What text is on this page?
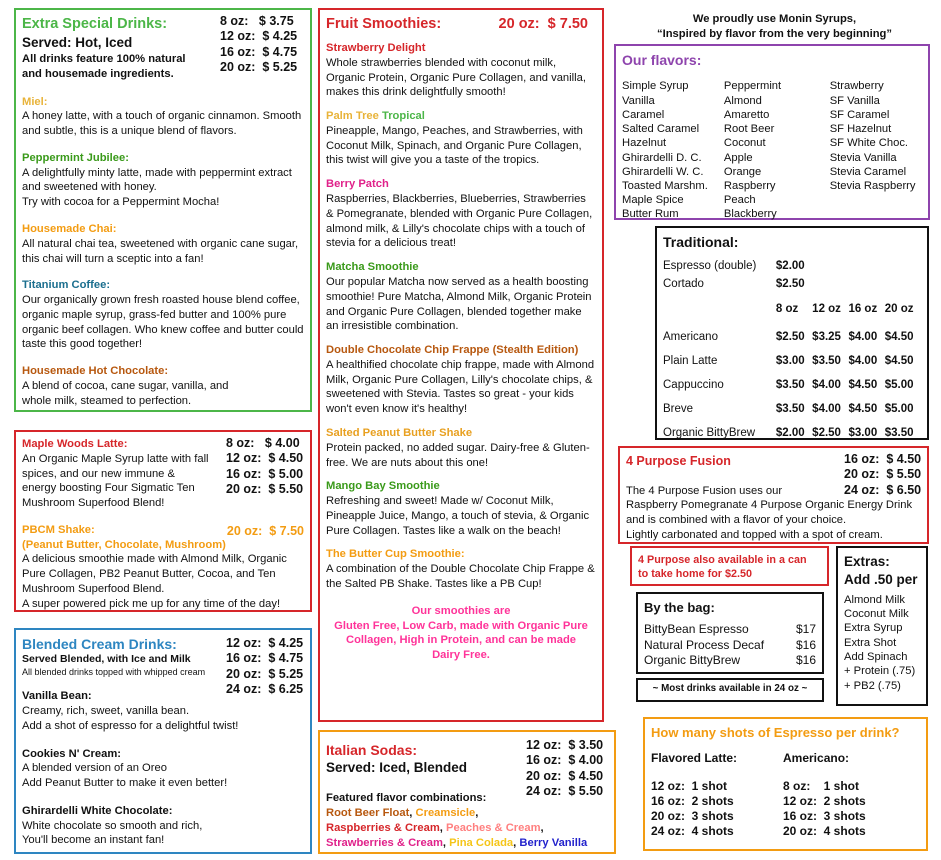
Extra Special Drinks:
Served: Hot, Iced
All drinks feature 100% natural and housemade ingredients.
8 oz:   $ 3.75
12 oz:  $ 4.25
16 oz:  $ 4.75
20 oz:  $ 5.25
Miel:
A honey latte, with a touch of organic cinnamon. Smooth and subtle, this is a unique blend of flavors.
Peppermint Jubilee:
A delightfully minty latte, made with peppermint extract and sweetened with honey.
Try with cocoa for a Peppermint Mocha!
Housemade Chai:
All natural chai tea, sweetened with organic cane sugar, this chai will turn a sceptic into a fan!
Titanium Coffee:
Our organically grown fresh roasted house blend coffee, organic maple syrup, grass-fed butter and 100% pure organic beef collagen. Who knew coffee and butter could taste this good together!
Housemade Hot Chocolate:
A blend of cocoa, cane sugar, vanilla, and
whole milk, steamed to perfection.
Maple Woods Latte:
An Organic Maple Syrup latte with fall spices, and our new immune & energy boosting Four Sigmatic Ten Mushroom Superfood Blend!
8 oz:   $ 4.00
12 oz:  $ 4.50
16 oz:  $ 5.00
20 oz:  $ 5.50
PBCM Shake:	20 oz:  $ 7.50
(Peanut Butter, Chocolate, Mushroom)
A delicious smoothie made with Almond Milk, Organic Pure Collagen, PB2 Peanut Butter, Cocoa, and Ten Mushroom Superfood Blend.
A super powered pick me up for any time of the day!
Blended Cream Drinks:
Served Blended, with Ice and Milk
All blended drinks topped with whipped cream
12 oz:  $ 4.25
16 oz:  $ 4.75
20 oz:  $ 5.25
24 oz:  $ 6.25
Vanilla Bean:
Creamy, rich, sweet, vanilla bean.
Add a shot of espresso for a delightful twist!
Cookies N' Cream:
A blended version of an Oreo
Add Peanut Butter to make it even better!
Ghirardelli White Chocolate:
White chocolate so smooth and rich,
You'll become an instant fan!
Fruit Smoothies:	20 oz:  $ 7.50
Strawberry Delight
Whole strawberries blended with coconut milk, Organic Protein, Organic Pure Collagen, and vanilla, makes this drink delightfully smooth!
Palm Tree Tropical
Pineapple, Mango, Peaches, and Strawberries, with Coconut Milk, Spinach, and Organic Pure Collagen, this twist will give you a taste of the tropics.
Berry Patch
Raspberries, Blackberries, Blueberries, Strawberries & Pomegranate, blended with Organic Pure Collagen, almond milk, & Lilly's chocolate chips with a touch of stevia for a delicious treat!
Matcha Smoothie
Our popular Matcha now served as a health boosting smoothie! Pure Matcha, Almond Milk, Organic Protein and Organic Pure Collagen, blended together make an irresistible combination.
Double Chocolate Chip Frappe (Stealth Edition)
A healthified chocolate chip frappe, made with Almond Milk, Organic Pure Collagen, Lilly's chocolate chips, & sweetened with Stevia. Tastes so great - your kids won't even know it's healthy!
Salted Peanut Butter Shake
Protein packed, no added sugar. Dairy-free & Gluten-free. We are nuts about this one!
Mango Bay Smoothie
Refreshing and sweet! Made w/ Coconut Milk, Pineapple Juice, Mango, a touch of stevia, & Organic Pure Collagen. Tastes like a walk on the beach!
The Butter Cup Smoothie:
A combination of the Double Chocolate Chip Frappe & the Salted PB Shake. Tastes like a PB Cup!
Our smoothies are
Gluten Free, Low Carb, made with Organic Pure Collagen, High in Protein, and can be made Dairy Free.
Italian Sodas:
Served: Iced, Blended
12 oz:  $ 3.50
16 oz:  $ 4.00
20 oz:  $ 4.50
24 oz:  $ 5.50
Featured flavor combinations:
Root Beer Float, Creamsicle,
Raspberries & Cream, Peaches & Cream,
Strawberries & Cream, Pina Colada, Berry Vanilla
We proudly use Monin Syrups,
“Inspired by flavor from the very beginning”
Our flavors:
Simple Syrup
Vanilla
Caramel
Salted Caramel
Hazelnut
Ghirardelli D. C.
Ghirardelli W. C.
Toasted Marshm.
Maple Spice
Butter Rum
Peppermint
Almond
Amaretto
Root Beer
Coconut
Apple
Orange
Raspberry
Peach
Blackberry
Strawberry
SF Vanilla
SF Caramel
SF Hazelnut
SF White Choc.
Stevia Vanilla
Stevia Caramel
Stevia Raspberry
Traditional:
Espresso (double)	$2.00			
Cortado	$2.50			
	8 oz	12 oz	16 oz	20 oz
Americano	$2.50	$3.25	$4.00	$4.50
Plain Latte	$3.00	$3.50	$4.00	$4.50
Cappuccino	$3.50	$4.00	$4.50	$5.00
Breve	$3.50	$4.00	$4.50	$5.00
Organic BittyBrew	$2.00	$2.50	$3.00	$3.50
4 Purpose Fusion	16 oz:  $ 4.50
20 oz:  $ 5.50
24 oz:  $ 6.50
The 4 Purpose Fusion uses our
Raspberry Pomegranate 4 Purpose Organic Energy Drink and is combined with a flavor of your choice.
Lightly carbonated and topped with a spot of cream.
4 Purpose also available in a can
to take home for $2.50
By the bag:
BittyBean Espresso	$17
Natural Process Decaf	$16
Organic BittyBrew	$16
~ Most drinks available in 24 oz ~
Extras:
Add .50 per
Almond Milk
Coconut Milk
Extra Syrup
Extra Shot
Add Spinach
+ Protein (.75)
+ PB2 (.75)
How many shots of Espresso per drink?
Flavored Latte:
12 oz:  1 shot
16 oz:  2 shots
20 oz:  3 shots
24 oz:  4 shots
Americano:
8 oz:    1 shot
12 oz:  2 shots
16 oz:  3 shots
20 oz:  4 shots
